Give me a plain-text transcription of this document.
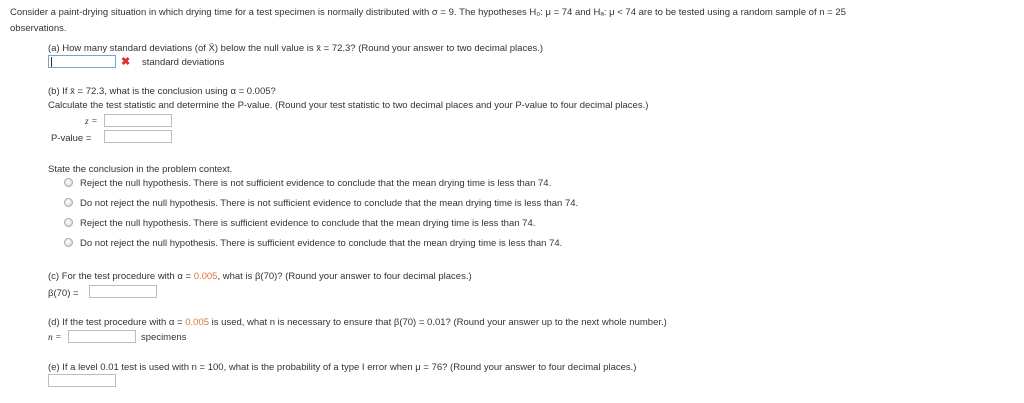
Consider a paint-drying situation in which drying time for a test specimen is normally distributed with σ = 9. The hypotheses H₀: μ = 74 and Hₐ: μ < 74 are to be tested using a random sample of n = 25
observations.
(a) How many standard deviations (of X̄) below the null value is x̄ = 72.3? (Round your answer to two decimal places.)
✖ standard deviations
(b) If x̄ = 72.3, what is the conclusion using α = 0.005?
Calculate the test statistic and determine the P-value. (Round your test statistic to two decimal places and your P-value to four decimal places.)
z =
P-value =
State the conclusion in the problem context.
Reject the null hypothesis. There is not sufficient evidence to conclude that the mean drying time is less than 74.
Do not reject the null hypothesis. There is not sufficient evidence to conclude that the mean drying time is less than 74.
Reject the null hypothesis. There is sufficient evidence to conclude that the mean drying time is less than 74.
Do not reject the null hypothesis. There is sufficient evidence to conclude that the mean drying time is less than 74.
(c) For the test procedure with α = 0.005, what is β(70)? (Round your answer to four decimal places.)
β(70) =
(d) If the test procedure with α = 0.005 is used, what n is necessary to ensure that β(70) = 0.01? (Round your answer up to the next whole number.)
n =	specimens
(e) If a level 0.01 test is used with n = 100, what is the probability of a type I error when μ = 76? (Round your answer to four decimal places.)
